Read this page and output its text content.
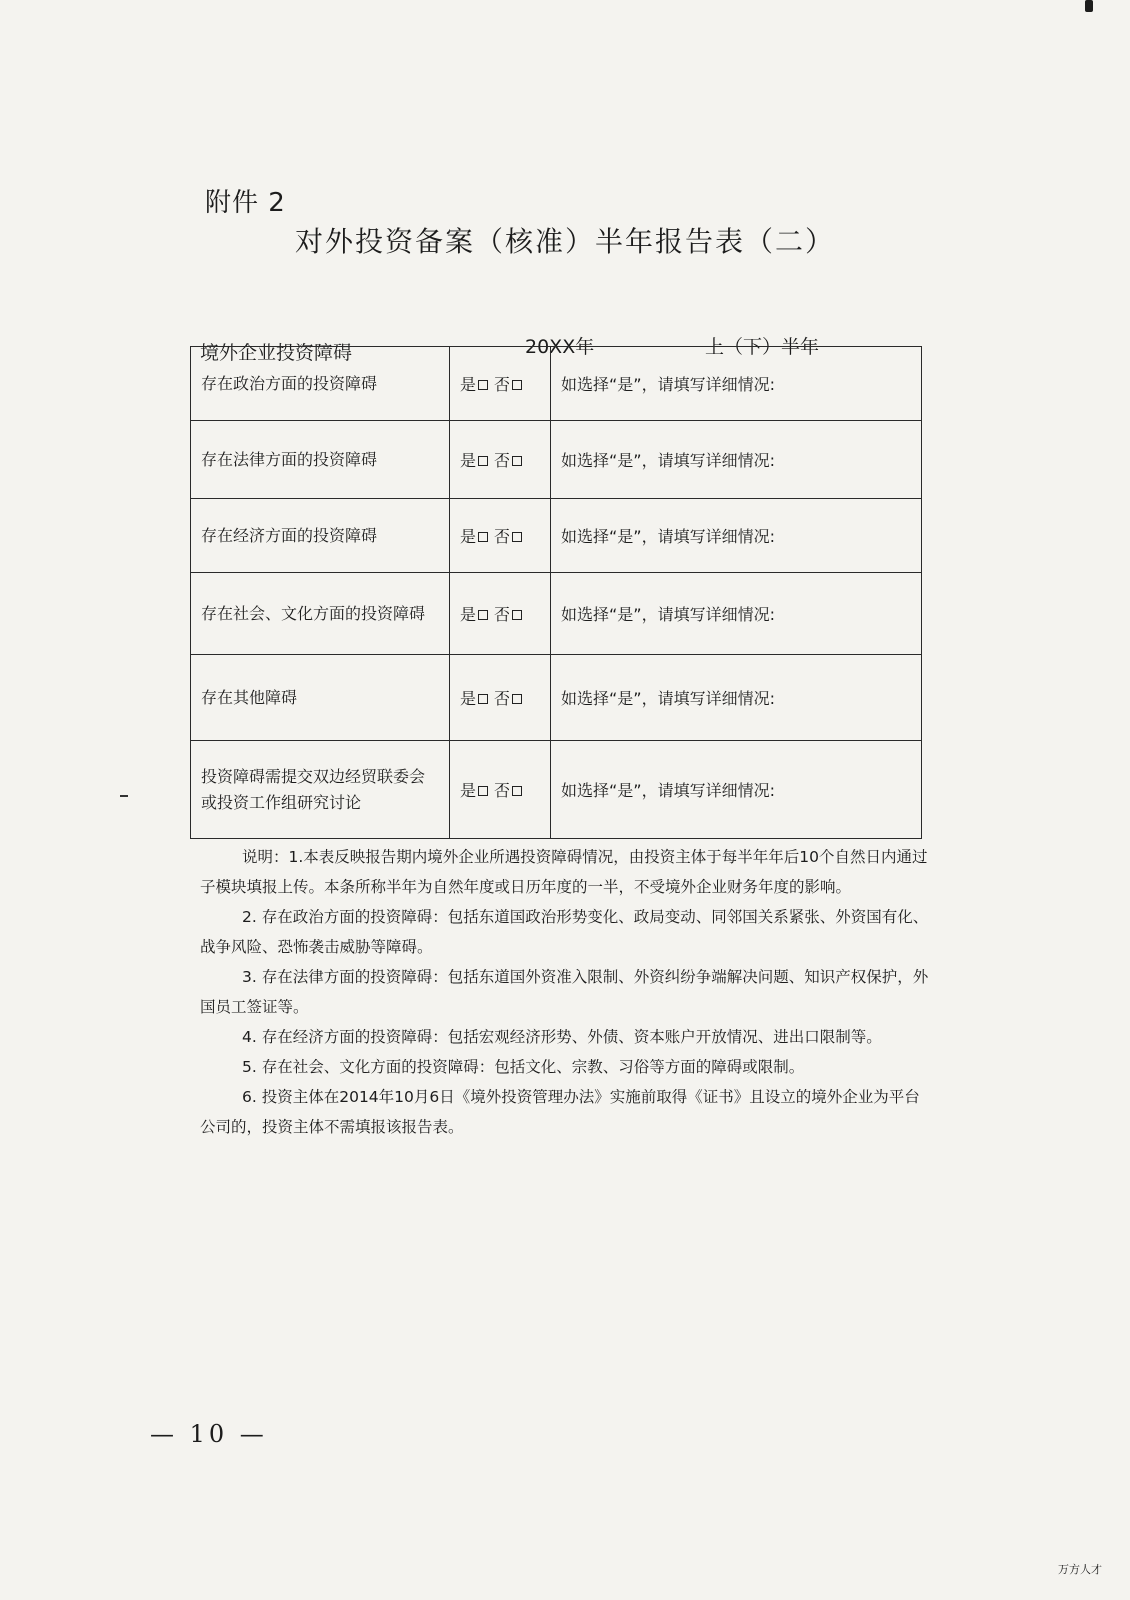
附件 2
对外投资备案（核准）半年报告表（二）
境外企业投资障碍	20XX年	上（下）半年
存在政治方面的投资障碍	是 否	如选择“是”，请填写详细情况:
存在法律方面的投资障碍	是 否	如选择“是”，请填写详细情况:
存在经济方面的投资障碍	是 否	如选择“是”，请填写详细情况:
存在社会、文化方面的投资障碍	是 否	如选择“是”，请填写详细情况:
存在其他障碍	是 否	如选择“是”，请填写详细情况:
投资障碍需提交双边经贸联委会或投资工作组研究讨论	是 否	如选择“是”，请填写详细情况:

说明：1.本表反映报告期内境外企业所遇投资障碍情况，由投资主体于每半年年后10个自然日内通过子模块填报上传。本条所称半年为自然年度或日历年度的一半，不受境外企业财务年度的影响。

2. 存在政治方面的投资障碍：包括东道国政治形势变化、政局变动、同邻国关系紧张、外资国有化、战争风险、恐怖袭击威胁等障碍。

3. 存在法律方面的投资障碍：包括东道国外资准入限制、外资纠纷争端解决问题、知识产权保护，外国员工签证等。

4. 存在经济方面的投资障碍：包括宏观经济形势、外债、资本账户开放情况、进出口限制等。

5. 存在社会、文化方面的投资障碍：包括文化、宗教、习俗等方面的障碍或限制。

6. 投资主体在2014年10月6日《境外投资管理办法》实施前取得《证书》且设立的境外企业为平台公司的，投资主体不需填报该报告表。

— 10 —
万方人才
